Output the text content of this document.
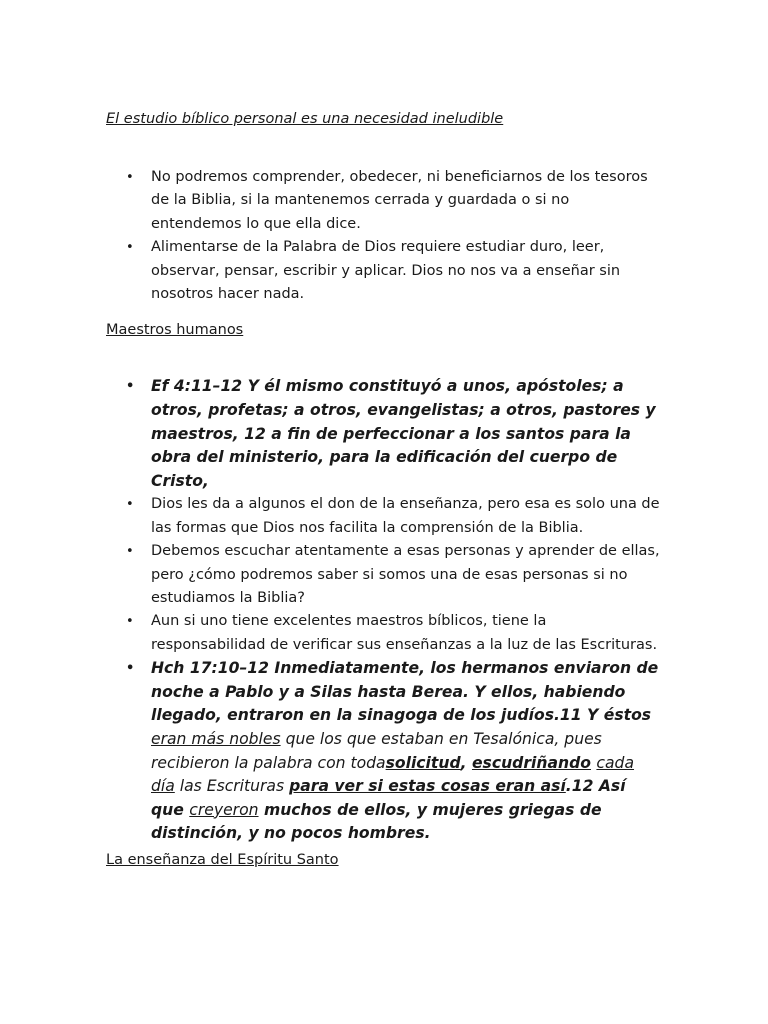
El estudio bíblico personal es una necesidad ineludible

• No podremos comprender, obedecer, ni beneficiarnos de los tesoros de la Biblia, si la mantenemos cerrada y guardada o si no entendemos lo que ella dice.
• Alimentarse de la Palabra de Dios requiere estudiar duro, leer, observar, pensar, escribir y aplicar. Dios no nos va a enseñar sin nosotros hacer nada.

Maestros humanos

• Ef 4:11–12 Y él mismo constituyó a unos, apóstoles; a otros, profetas; a otros, evangelistas; a otros, pastores y maestros, 12 a fin de perfeccionar a los santos para la obra del ministerio, para la edificación del cuerpo de Cristo,
• Dios les da a algunos el don de la enseñanza, pero esa es solo una de las formas que Dios nos facilita la comprensión de la Biblia.
• Debemos escuchar atentamente a esas personas y aprender de ellas, pero ¿cómo podremos saber si somos una de esas personas si no estudiamos la Biblia?
• Aun si uno tiene excelentes maestros bíblicos, tiene la responsabilidad de verificar sus enseñanzas a la luz de las Escrituras.
• Hch 17:10–12 Inmediatamente, los hermanos enviaron de noche a Pablo y a Silas hasta Berea. Y ellos, habiendo llegado, entraron en la sinagoga de los judíos.11 Y éstos eran más nobles que los que estaban en Tesalónica, pues recibieron la palabra con todasolicitud, escudriñando cada día las Escrituras para ver si estas cosas eran así.12 Así que creyeron muchos de ellos, y mujeres griegas de distinción, y no pocos hombres.

La enseñanza del Espíritu Santo
